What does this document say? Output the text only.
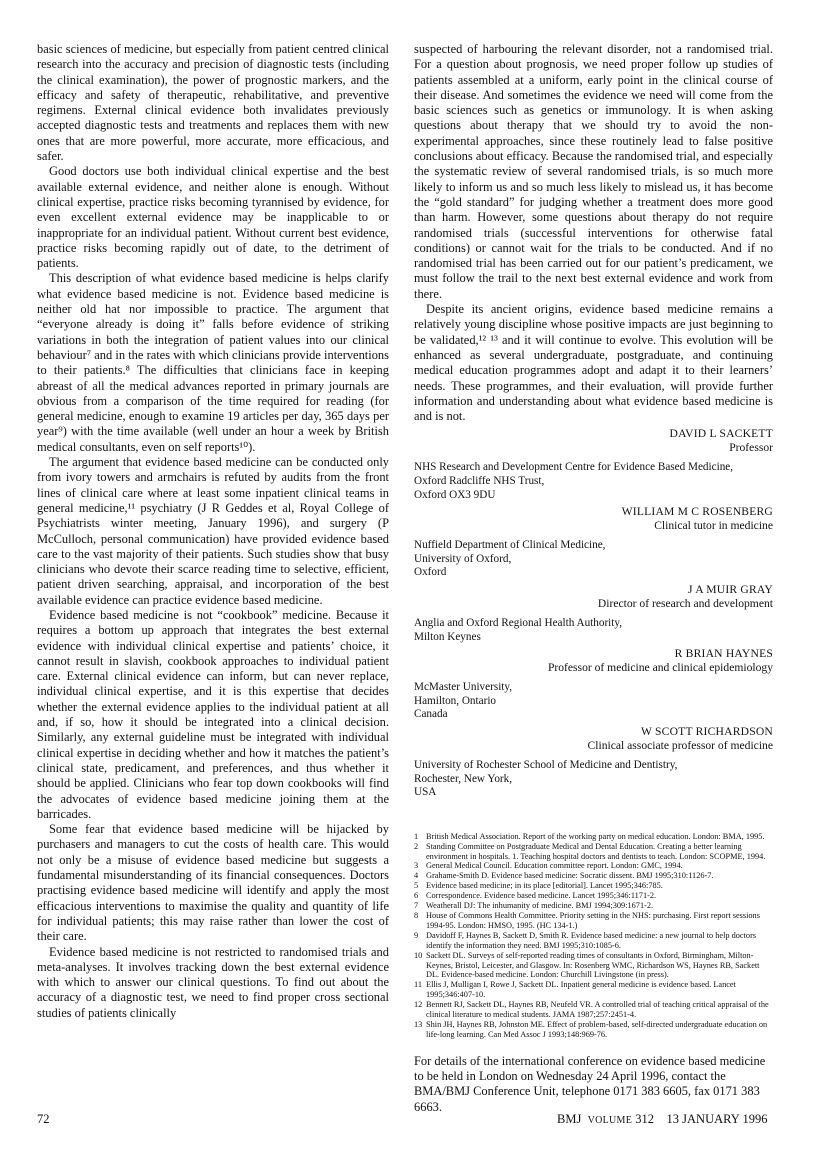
basic sciences of medicine, but especially from patient centred clinical research into the accuracy and precision of diagnostic tests (including the clinical examination), the power of prognostic markers, and the efficacy and safety of therapeutic, rehabilitative, and preventive regimens. External clinical evidence both invalidates previously accepted diagnostic tests and treatments and replaces them with new ones that are more powerful, more accurate, more efficacious, and safer.

Good doctors use both individual clinical expertise and the best available external evidence, and neither alone is enough. Without clinical expertise, practice risks becoming tyrannised by evidence, for even excellent external evidence may be inapplicable to or inappropriate for an individual patient. Without current best evidence, practice risks becoming rapidly out of date, to the detriment of patients.

This description of what evidence based medicine is helps clarify what evidence based medicine is not. Evidence based medicine is neither old hat nor impossible to practice. The argument that “everyone already is doing it” falls before evidence of striking variations in both the integration of patient values into our clinical behaviour⁷ and in the rates with which clinicians provide interventions to their patients.⁸ The difficulties that clinicians face in keeping abreast of all the medical advances reported in primary journals are obvious from a comparison of the time required for reading (for general medicine, enough to examine 19 articles per day, 365 days per year⁹) with the time available (well under an hour a week by British medical consultants, even on self reports¹⁰).

The argument that evidence based medicine can be conducted only from ivory towers and armchairs is refuted by audits from the front lines of clinical care where at least some inpatient clinical teams in general medicine,¹¹ psychiatry (J R Geddes et al, Royal College of Psychiatrists winter meeting, January 1996), and surgery (P McCulloch, personal communication) have provided evidence based care to the vast majority of their patients. Such studies show that busy clinicians who devote their scarce reading time to selective, efficient, patient driven searching, appraisal, and incorporation of the best available evidence can practice evidence based medicine.

Evidence based medicine is not “cookbook” medicine. Because it requires a bottom up approach that integrates the best external evidence with individual clinical expertise and patients’ choice, it cannot result in slavish, cookbook approaches to individual patient care. External clinical evidence can inform, but can never replace, individual clinical expertise, and it is this expertise that decides whether the external evidence applies to the individual patient at all and, if so, how it should be integrated into a clinical decision. Similarly, any external guideline must be integrated with individual clinical expertise in deciding whether and how it matches the patient’s clinical state, predicament, and preferences, and thus whether it should be applied. Clinicians who fear top down cookbooks will find the advocates of evidence based medicine joining them at the barricades.

Some fear that evidence based medicine will be hijacked by purchasers and managers to cut the costs of health care. This would not only be a misuse of evidence based medicine but suggests a fundamental misunderstanding of its financial consequences. Doctors practising evidence based medicine will identify and apply the most efficacious interventions to maximise the quality and quantity of life for individual patients; this may raise rather than lower the cost of their care.

Evidence based medicine is not restricted to randomised trials and meta-analyses. It involves tracking down the best external evidence with which to answer our clinical questions. To find out about the accuracy of a diagnostic test, we need to find proper cross sectional studies of patients clinically

suspected of harbouring the relevant disorder, not a randomised trial. For a question about prognosis, we need proper follow up studies of patients assembled at a uniform, early point in the clinical course of their disease. And sometimes the evidence we need will come from the basic sciences such as genetics or immunology. It is when asking questions about therapy that we should try to avoid the non-experimental approaches, since these routinely lead to false positive conclusions about efficacy. Because the randomised trial, and especially the systematic review of several randomised trials, is so much more likely to inform us and so much less likely to mislead us, it has become the “gold standard” for judging whether a treatment does more good than harm. However, some questions about therapy do not require randomised trials (successful interventions for otherwise fatal conditions) or cannot wait for the trials to be conducted. And if no randomised trial has been carried out for our patient’s predicament, we must follow the trail to the next best external evidence and work from there.

Despite its ancient origins, evidence based medicine remains a relatively young discipline whose positive impacts are just beginning to be validated,¹² ¹³ and it will continue to evolve. This evolution will be enhanced as several undergraduate, postgraduate, and continuing medical education programmes adopt and adapt it to their learners’ needs. These programmes, and their evaluation, will provide further information and understanding about what evidence based medicine is and is not.

DAVID L SACKETT
Professor
NHS Research and Development Centre for Evidence Based Medicine,
Oxford Radcliffe NHS Trust,
Oxford OX3 9DU
WILLIAM M C ROSENBERG
Clinical tutor in medicine
Nuffield Department of Clinical Medicine,
University of Oxford,
Oxford
J A MUIR GRAY
Director of research and development
Anglia and Oxford Regional Health Authority,
Milton Keynes
R BRIAN HAYNES
Professor of medicine and clinical epidemiology
McMaster University,
Hamilton, Ontario
Canada
W SCOTT RICHARDSON
Clinical associate professor of medicine
University of Rochester School of Medicine and Dentistry,
Rochester, New York,
USA
1 British Medical Association. Report of the working party on medical education. London: BMA, 1995.
2 Standing Committee on Postgraduate Medical and Dental Education. Creating a better learning environment in hospitals. 1. Teaching hospital doctors and dentists to teach. London: SCOPME, 1994.
3 General Medical Council. Education committee report. London: GMC, 1994.
4 Grahame-Smith D. Evidence based medicine: Socratic dissent. BMJ 1995;310:1126-7.
5 Evidence based medicine; in its place [editorial]. Lancet 1995;346:785.
6 Correspondence. Evidence based medicine. Lancet 1995;346:1171-2.
7 Weatherall DJ: The inhumanity of medicine. BMJ 1994;309:1671-2.
8 House of Commons Health Committee. Priority setting in the NHS: purchasing. First report sessions 1994-95. London: HMSO, 1995. (HC 134-1.)
9 Davidoff F, Haynes B, Sackett D, Smith R. Evidence based medicine: a new journal to help doctors identify the information they need. BMJ 1995;310:1085-6.
10 Sackett DL. Surveys of self-reported reading times of consultants in Oxford, Birmingham, Milton-Keynes, Bristol, Leicester, and Glasgow. In: Rosenberg WMC, Richardson WS, Haynes RB, Sackett DL. Evidence-based medicine. London: Churchill Livingstone (in press).
11 Ellis J, Mulligan I, Rowe J, Sackett DL. Inpatient general medicine is evidence based. Lancet 1995;346:407-10.
12 Bennett RJ, Sackett DL, Haynes RB, Neufeld VR. A controlled trial of teaching critical appraisal of the clinical literature to medical students. JAMA 1987;257:2451-4.
13 Shin JH, Haynes RB, Johnston ME. Effect of problem-based, self-directed undergraduate education on life-long learning. Can Med Assoc J 1993;148:969-76.

For details of the international conference on evidence based medicine to be held in London on Wednesday 24 April 1996, contact the BMA/BMJ Conference Unit, telephone 0171 383 6605, fax 0171 383 6663.

72	BMJ VOLUME 312 13 JANUARY 1996
